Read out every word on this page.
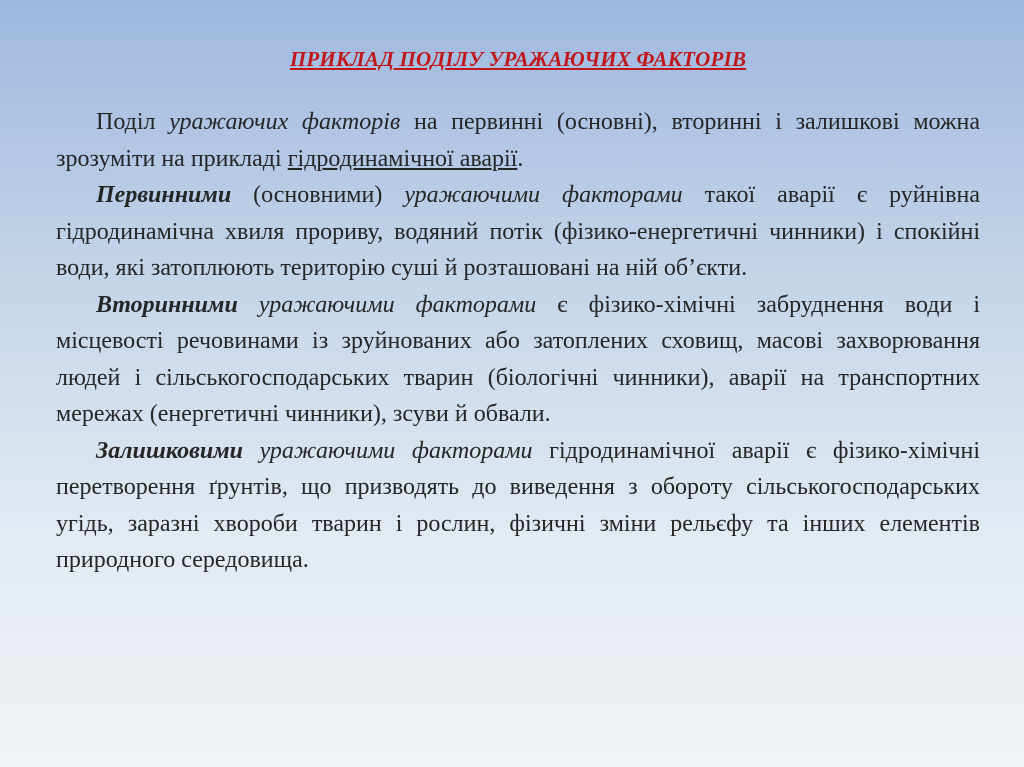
ПРИКЛАД ПОДІЛУ УРАЖАЮЧИХ ФАКТОРІВ

Поділ уражаючих факторів на первинні (основні), вторинні і залишкові можна зрозуміти на прикладі гідродинамічної аварії.

Первинними (основними) уражаючими факторами такої аварії є руйнівна гідродинамічна хвиля прориву, водяний потік (фізико-енергетичні чинники) і спокійні води, які затоплюють територію суші й розташовані на ній об’єкти.

Вторинними уражаючими факторами є фізико-хімічні забруднення води і місцевості речовинами із зруйнованих або затоплених сховищ, масові захворювання людей і сільськогосподарських тварин (біологічні чинники), аварії на транспортних мережах (енергетичні чинники), зсуви й обвали.

Залишковими уражаючими факторами гідродинамічної аварії є фізико-хімічні перетворення ґрунтів, що призводять до виведення з обороту сільськогосподарських угідь, заразні хвороби тварин і рослин, фізичні зміни рельєфу та інших елементів природного середовища.
